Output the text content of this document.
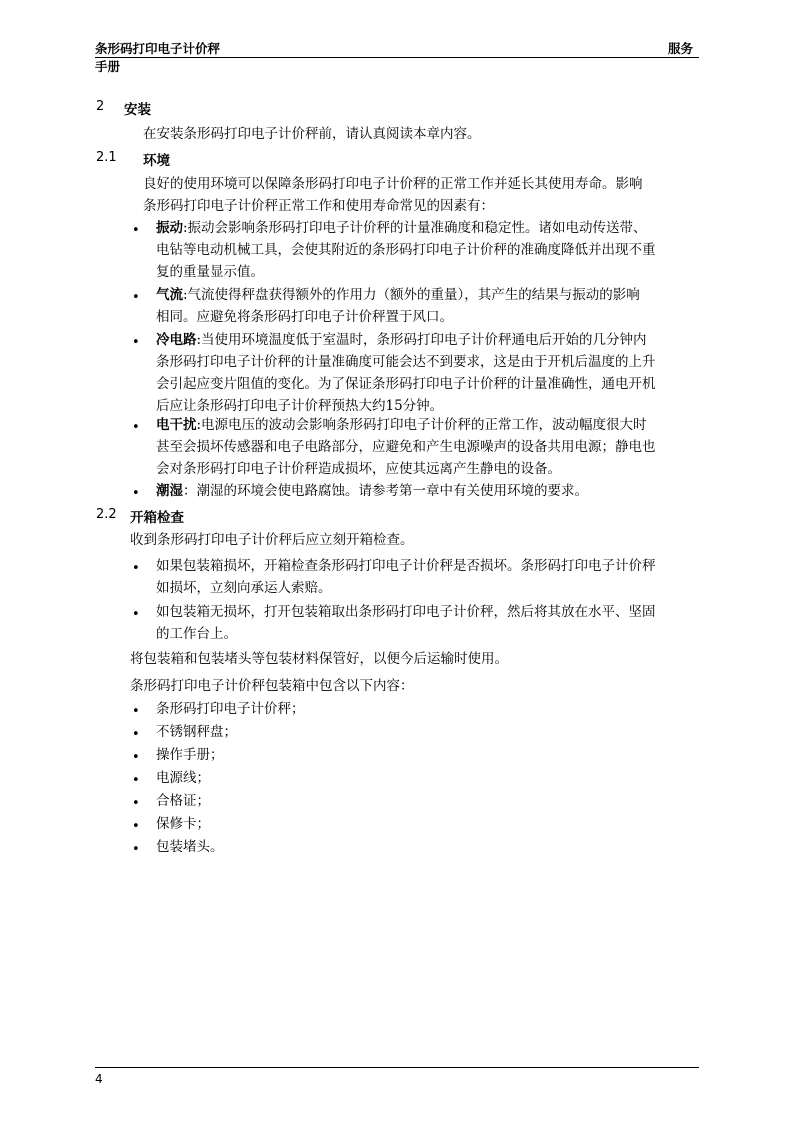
条形码打印电子计价秤	服务
手册
2 安装
在安装条形码打印电子计价秤前，请认真阅读本章内容。
2.1 环境
良好的使用环境可以保障条形码打印电子计价秤的正常工作并延长其使用寿命。影响
条形码打印电子计价秤正常工作和使用寿命常见的因素有：
• 振动:振动会影响条形码打印电子计价秤的计量准确度和稳定性。诸如电动传送带、
电钻等电动机械工具，会使其附近的条形码打印电子计价秤的准确度降低并出现不重
复的重量显示值。
• 气流:气流使得秤盘获得额外的作用力（额外的重量），其产生的结果与振动的影响
相同。应避免将条形码打印电子计价秤置于风口。
• 冷电路:当使用环境温度低于室温时，条形码打印电子计价秤通电后开始的几分钟内
条形码打印电子计价秤的计量准确度可能会达不到要求，这是由于开机后温度的上升
会引起应变片阻值的变化。为了保证条形码打印电子计价秤的计量准确性，通电开机
后应让条形码打印电子计价秤预热大约15分钟。
• 电干扰:电源电压的波动会影响条形码打印电子计价秤的正常工作，波动幅度很大时
甚至会损坏传感器和电子电路部分，应避免和产生电源噪声的设备共用电源；静电也
会对条形码打印电子计价秤造成损坏，应使其远离产生静电的设备。
• 潮湿：潮湿的环境会使电路腐蚀。请参考第一章中有关使用环境的要求。
2.2 开箱检查
收到条形码打印电子计价秤后应立刻开箱检查。
• 如果包装箱损坏，开箱检查条形码打印电子计价秤是否损坏。条形码打印电子计价秤
如损坏，立刻向承运人索赔。
• 如包装箱无损坏，打开包装箱取出条形码打印电子计价秤，然后将其放在水平、坚固
的工作台上。
将包装箱和包装堵头等包装材料保管好，以便今后运输时使用。
条形码打印电子计价秤包装箱中包含以下内容：
• 条形码打印电子计价秤；
• 不锈钢秤盘；
• 操作手册；
• 电源线；
• 合格证；
• 保修卡；
• 包装堵头。
4
